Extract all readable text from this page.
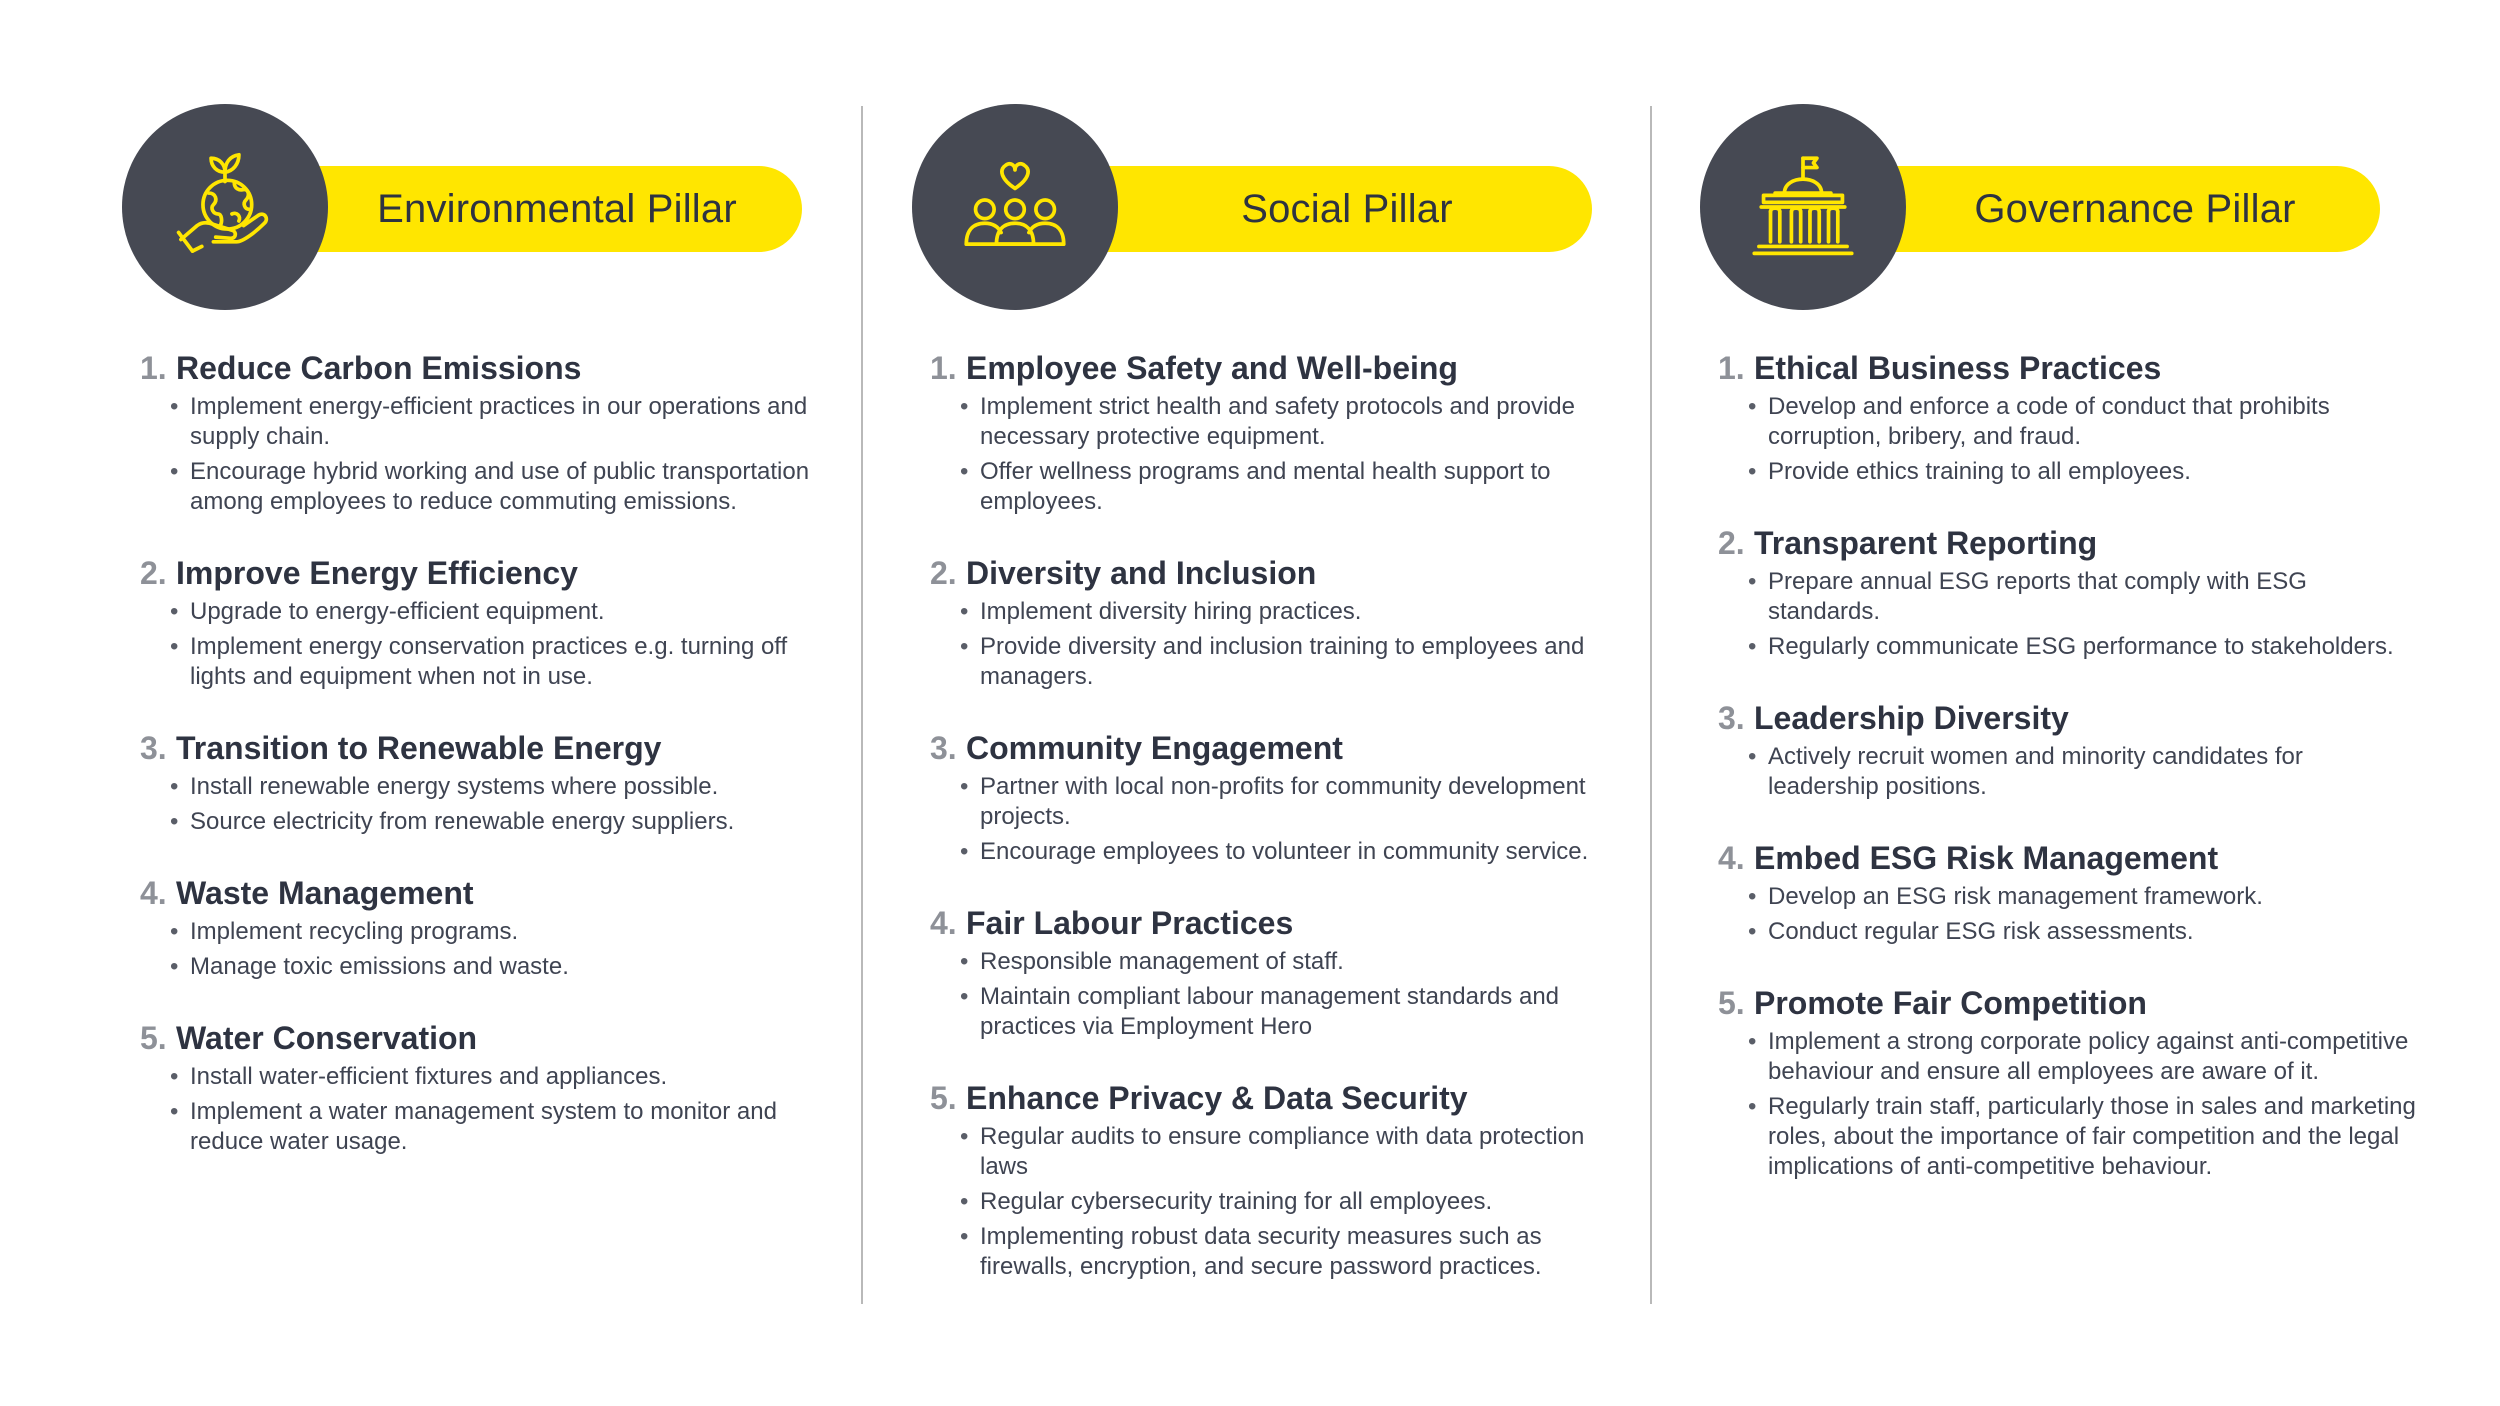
Environmental Pillar
1. Reduce Carbon Emissions
• Implement energy-efficient practices in our operations and supply chain.
• Encourage hybrid working and use of public transportation among employees to reduce commuting emissions.
2. Improve Energy Efficiency
• Upgrade to energy-efficient equipment.
• Implement energy conservation practices e.g. turning off lights and equipment when not in use.
3. Transition to Renewable Energy
• Install renewable energy systems where possible.
• Source electricity from renewable energy suppliers.
4. Waste Management
• Implement recycling programs.
• Manage toxic emissions and waste.
5. Water Conservation
• Install water-efficient fixtures and appliances.
• Implement a water management system to monitor and reduce water usage.
Social Pillar
1. Employee Safety and Well-being
• Implement strict health and safety protocols and provide necessary protective equipment.
• Offer wellness programs and mental health support to employees.
2. Diversity and Inclusion
• Implement diversity hiring practices.
• Provide diversity and inclusion training to employees and managers.
3. Community Engagement
• Partner with local non-profits for community development projects.
• Encourage employees to volunteer in community service.
4. Fair Labour Practices
• Responsible management of staff.
• Maintain compliant labour management standards and practices via Employment Hero
5. Enhance Privacy & Data Security
• Regular audits to ensure compliance with data protection laws
• Regular cybersecurity training for all employees.
• Implementing robust data security measures such as firewalls, encryption, and secure password practices.
Governance Pillar
1. Ethical Business Practices
• Develop and enforce a code of conduct that prohibits corruption, bribery, and fraud.
• Provide ethics training to all employees.
2. Transparent Reporting
• Prepare annual ESG reports that comply with ESG standards.
• Regularly communicate ESG performance to stakeholders.
3. Leadership Diversity
• Actively recruit women and minority candidates for leadership positions.
4. Embed ESG Risk Management
• Develop an ESG risk management framework.
• Conduct regular ESG risk assessments.
5. Promote Fair Competition
• Implement a strong corporate policy against anti-competitive behaviour and ensure all employees are aware of it.
• Regularly train staff, particularly those in sales and marketing roles, about the importance of fair competition and the legal implications of anti-competitive behaviour.
